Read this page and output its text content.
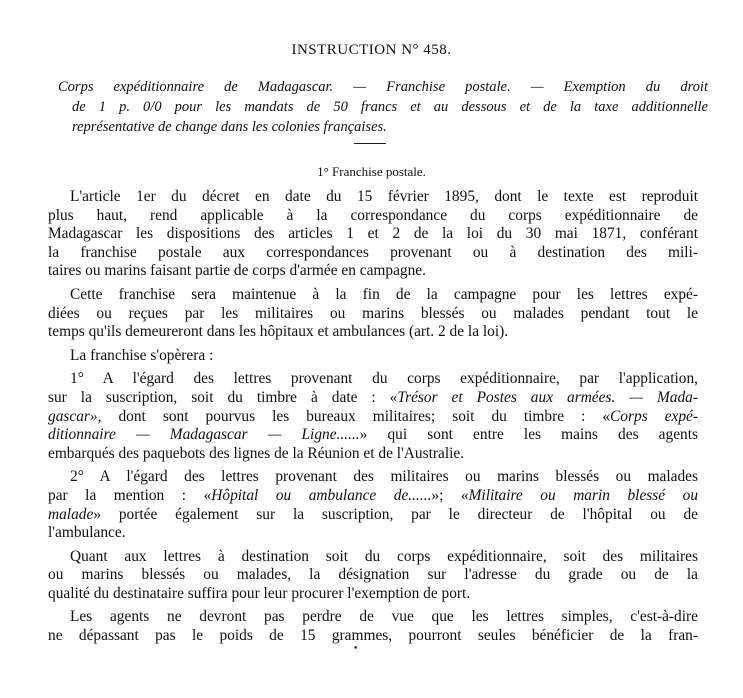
INSTRUCTION N° 458.
Corps expéditionnaire de Madagascar. — Franchise postale. — Exemption du droit
de 1 p. 0/0 pour les mandats de 50 francs et au dessous et de la taxe additionnelle
représentative de change dans les colonies françaises.
1° Franchise postale.
L'article 1er du décret en date du 15 février 1895, dont le texte est reproduit
plus haut, rend applicable à la correspondance du corps expéditionnaire de
Madagascar les dispositions des articles 1 et 2 de la loi du 30 mai 1871, conférant
la franchise postale aux correspondances provenant ou à destination des mili-
taires ou marins faisant partie de corps d'armée en campagne.
Cette franchise sera maintenue à la fin de la campagne pour les lettres expé-
diées ou reçues par les militaires ou marins blessés ou malades pendant tout le
temps qu'ils demeureront dans les hôpitaux et ambulances (art. 2 de la loi).
La franchise s'opèrera :
1° A l'égard des lettres provenant du corps expéditionnaire, par l'application,
sur la suscription, soit du timbre à date : «Trésor et Postes aux armées. — Mada-
gascar», dont sont pourvus les bureaux militaires; soit du timbre : «Corps expé-
ditionnaire — Madagascar — Ligne......» qui sont entre les mains des agents
embarqués des paquebots des lignes de la Réunion et de l'Australie.
2° A l'égard des lettres provenant des militaires ou marins blessés ou malades
par la mention : «Hôpital ou ambulance de......»; «Militaire ou marin blessé ou
malade» portée également sur la suscription, par le directeur de l'hôpital ou de
l'ambulance.
Quant aux lettres à destination soit du corps expéditionnaire, soit des militaires
ou marins blessés ou malades, la désignation sur l'adresse du grade ou de la
qualité du destinataire suffira pour leur procurer l'exemption de port.
Les agents ne devront pas perdre de vue que les lettres simples, c'est-à-dire
ne dépassant pas le poids de 15 grammes, pourront seules bénéficier de la fran-
•
